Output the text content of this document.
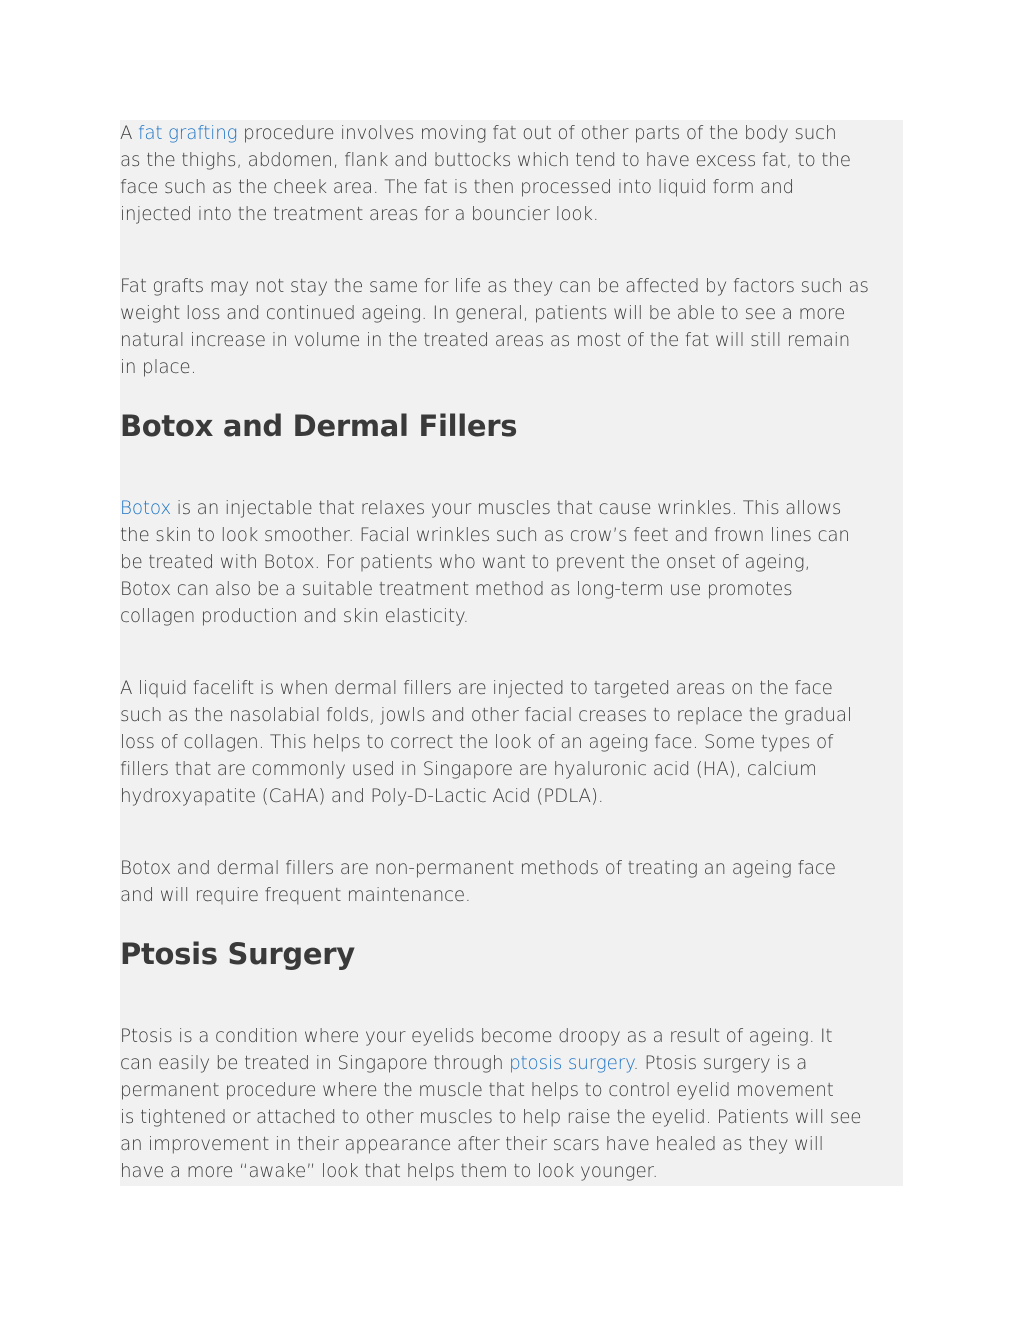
A fat grafting procedure involves moving fat out of other parts of the body such
as the thighs, abdomen, flank and buttocks which tend to have excess fat, to the
face such as the cheek area. The fat is then processed into liquid form and
injected into the treatment areas for a bouncier look.

Fat grafts may not stay the same for life as they can be affected by factors such as
weight loss and continued ageing. In general, patients will be able to see a more
natural increase in volume in the treated areas as most of the fat will still remain
in place.

Botox and Dermal Fillers

Botox is an injectable that relaxes your muscles that cause wrinkles. This allows
the skin to look smoother. Facial wrinkles such as crow’s feet and frown lines can
be treated with Botox. For patients who want to prevent the onset of ageing,
Botox can also be a suitable treatment method as long-term use promotes
collagen production and skin elasticity.

A liquid facelift is when dermal fillers are injected to targeted areas on the face
such as the nasolabial folds, jowls and other facial creases to replace the gradual
loss of collagen. This helps to correct the look of an ageing face. Some types of
fillers that are commonly used in Singapore are hyaluronic acid (HA), calcium
hydroxyapatite (CaHA) and Poly-D-Lactic Acid (PDLA).

Botox and dermal fillers are non-permanent methods of treating an ageing face
and will require frequent maintenance.

Ptosis Surgery

Ptosis is a condition where your eyelids become droopy as a result of ageing. It
can easily be treated in Singapore through ptosis surgery. Ptosis surgery is a
permanent procedure where the muscle that helps to control eyelid movement
is tightened or attached to other muscles to help raise the eyelid. Patients will see
an improvement in their appearance after their scars have healed as they will
have a more “awake” look that helps them to look younger.
